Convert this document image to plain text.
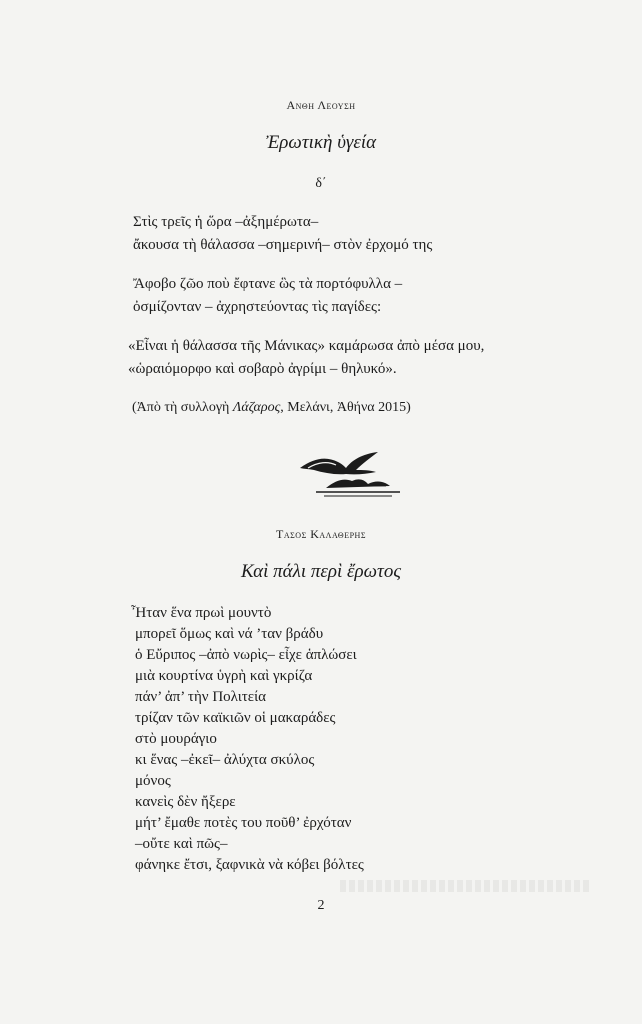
Ανθη Λεουση
Ἐρωτικὴ ὑγεία
δ΄
Στὶς τρεῖς ἡ ὥρα –ἀξημέρωτα–
ἄκουσα τὴ θάλασσα –σημερινή– στὸν ἐρχομό της
Ἄφοβο ζῶο ποὺ ἔφτανε ὣς τὰ πορτόφυλλα –
ὀσμίζονταν – ἀχρηστεύοντας τὶς παγίδες:
«Εἶναι ἡ θάλασσα τῆς Μάνικας» καμάρωσα ἀπὸ μέσα μου,
«ὡραιόμορφο καὶ σοβαρὸ ἀγρίμι – θηλυκό».
(Ἀπὸ τὴ συλλογὴ Λάζαρος, Μελάνι, Ἀθήνα 2015)
Τασος Καλαθερης
Καὶ πάλι περὶ ἔρωτος
Ἦταν ἕνα πρωὶ μουντὸ
μπορεῖ ὅμως καὶ νά ’ταν βράδυ
ὁ Εὔριπος –ἀπὸ νωρὶς– εἶχε ἁπλώσει
μιὰ κουρτίνα ὑγρὴ καὶ γκρίζα
πάν’ ἀπ’ τὴν Πολιτεία
τρίζαν τῶν καϊκιῶν οἱ μακαράδες
στὸ μουράγιο
κι ἕνας –ἐκεῖ– ἀλύχτα σκύλος
μόνος
κανεὶς δὲν ἤξερε
μήτ’ ἔμαθε ποτὲς του ποῦθ’ ἐρχόταν
–οὔτε καὶ πῶς–
φάνηκε ἔτσι, ξαφνικὰ νὰ κόβει βόλτες
2
